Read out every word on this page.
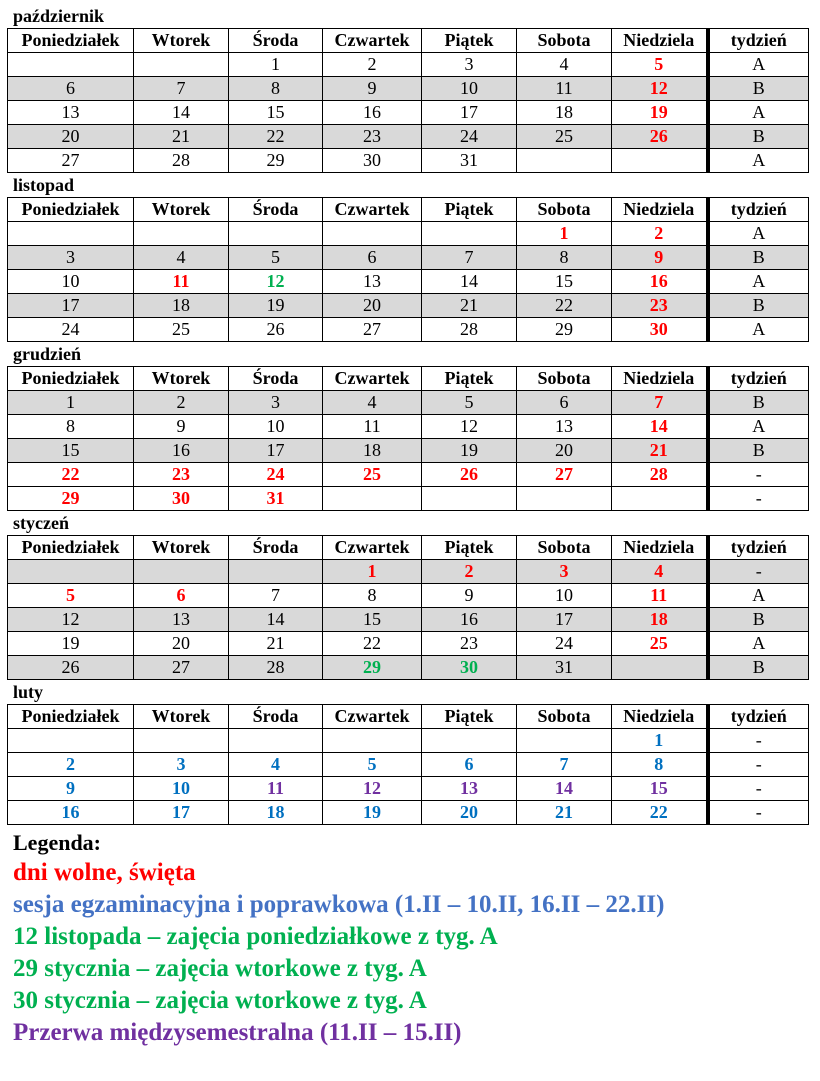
październik
Poniedziałek	Wtorek	Środa	Czwartek	Piątek	Sobota	Niedziela	tydzień
		1	2	3	4	5	A
6	7	8	9	10	11	12	B
13	14	15	16	17	18	19	A
20	21	22	23	24	25	26	B
27	28	29	30	31			A
listopad
Poniedziałek	Wtorek	Środa	Czwartek	Piątek	Sobota	Niedziela	tydzień
					1	2	A
3	4	5	6	7	8	9	B
10	11	12	13	14	15	16	A
17	18	19	20	21	22	23	B
24	25	26	27	28	29	30	A
grudzień
Poniedziałek	Wtorek	Środa	Czwartek	Piątek	Sobota	Niedziela	tydzień
1	2	3	4	5	6	7	B
8	9	10	11	12	13	14	A
15	16	17	18	19	20	21	B
22	23	24	25	26	27	28	-
29	30	31					-
styczeń
Poniedziałek	Wtorek	Środa	Czwartek	Piątek	Sobota	Niedziela	tydzień
			1	2	3	4	-
5	6	7	8	9	10	11	A
12	13	14	15	16	17	18	B
19	20	21	22	23	24	25	A
26	27	28	29	30	31		B
luty
Poniedziałek	Wtorek	Środa	Czwartek	Piątek	Sobota	Niedziela	tydzień
						1	-
2	3	4	5	6	7	8	-
9	10	11	12	13	14	15	-
16	17	18	19	20	21	22	-
Legenda:
dni wolne, święta
sesja egzaminacyjna i poprawkowa (1.II – 10.II, 16.II – 22.II)
12 listopada – zajęcia poniedziałkowe z tyg. A
29 stycznia – zajęcia wtorkowe z tyg. A
30 stycznia – zajęcia wtorkowe z tyg. A
Przerwa międzysemestralna (11.II – 15.II)
